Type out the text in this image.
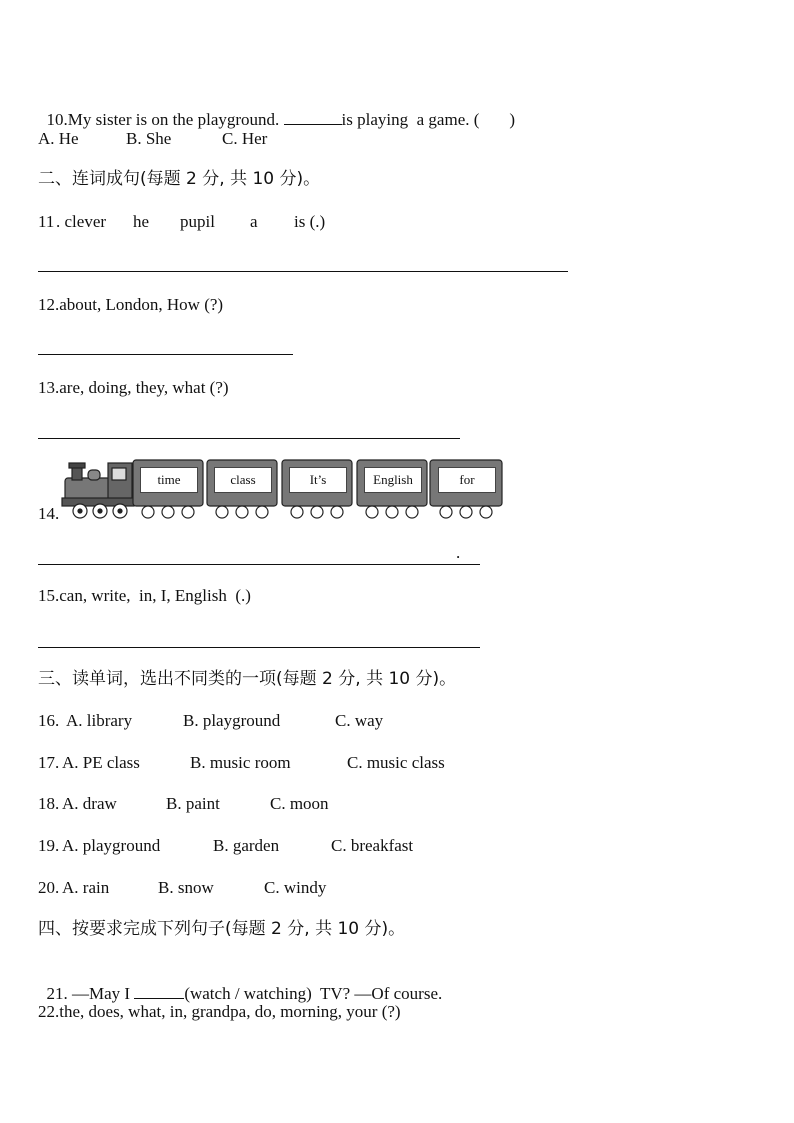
10.My sister is on the playground.	is playing  a game. ( )

A. He	B. She	C. Her
二、连词成句(每题 2 分, 共 10 分)。
11 . clever he pupil a is (.)
12.about, London, How (?)
13.are, doing, they, what (?)
14.
time	class	It’s	English	for
.
15.can, write,  in, I, English  (.)
三、读单词，选出不同类的一项(每题 2 分, 共 10 分)。
16. A. library	B. playground	C. way
17. A. PE class	B. music room	C. music class
18. A. draw	B. paint	C. moon
19. A. playground	B. garden	C. breakfast
20. A. rain	B. snow	C. windy
四、按要求完成下列句子(每题 2 分, 共 10 分)。

21. —May I	(watch / watching)  TV? —Of course.

22.the, does, what, in, grandpa, do, morning, your (?)
